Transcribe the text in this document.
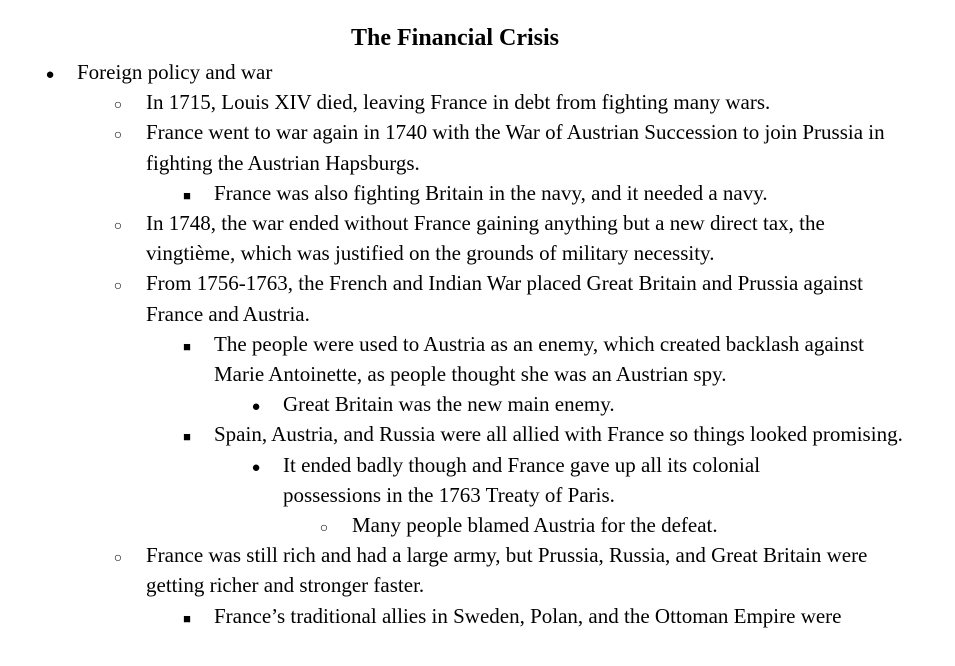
The Financial Crisis
●
Foreign policy and war
○
In 1715, Louis XIV died, leaving France in debt from fighting many wars.
○
France went to war again in 1740 with the War of Austrian Succession to join Prussia in fighting the Austrian Hapsburgs.
■
France was also fighting Britain in the navy, and it needed a navy.
○
In 1748, the war ended without France gaining anything but a new direct tax, the vingtième, which was justified on the grounds of military necessity.
○
From 1756-1763, the French and Indian War placed Great Britain and Prussia against France and Austria.
■
The people were used to Austria as an enemy, which created backlash against Marie Antoinette, as people thought she was an Austrian spy.
●
Great Britain was the new main enemy.
■
Spain, Austria, and Russia were all allied with France so things looked promising.
●
It ended badly though and France gave up all its colonial possessions in the 1763 Treaty of Paris.
○
Many people blamed Austria for the defeat.
○
France was still rich and had a large army, but Prussia, Russia, and Great Britain were getting richer and stronger faster.
■
France’s traditional allies in Sweden, Polan, and the Ottoman Empire were
